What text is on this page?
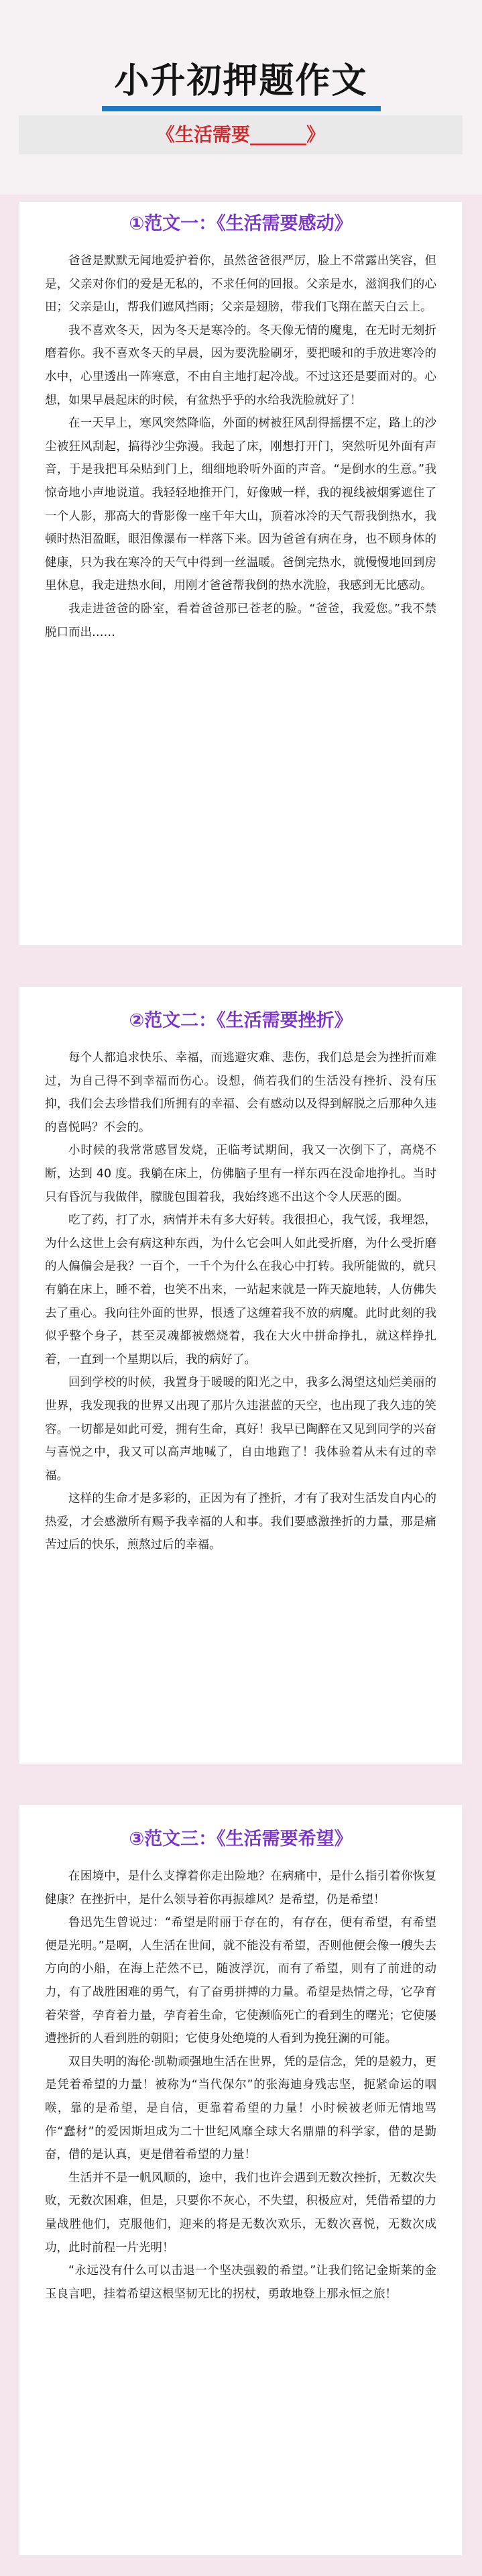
小升初押题作文
《生活需要______》
①范文一：《生活需要感动》

爸爸是默默无闻地爱护着你，虽然爸爸很严厉，脸上不常露出笑容，但是，父亲对你们的爱是无私的，不求任何的回报。父亲是水，滋润我们的心田；父亲是山，帮我们遮风挡雨；父亲是翅膀，带我们飞翔在蓝天白云上。

我不喜欢冬天，因为冬天是寒冷的。冬天像无情的魔鬼，在无时无刻折磨着你。我不喜欢冬天的早晨，因为要洗脸刷牙，要把暖和的手放进寒冷的水中，心里透出一阵寒意，不由自主地打起冷战。不过这还是要面对的。心想，如果早晨起床的时候，有盆热乎乎的水给我洗脸就好了！

在一天早上，寒风突然降临，外面的树被狂风刮得摇摆不定，路上的沙尘被狂风刮起，搞得沙尘弥漫。我起了床，刚想打开门，突然听见外面有声音，于是我把耳朵贴到门上，细细地聆听外面的声音。“是倒水的生意。”我惊奇地小声地说道。我轻轻地推开门，好像贼一样，我的视线被烟雾遮住了一个人影，那高大的背影像一座千年大山，顶着冰冷的天气帮我倒热水，我顿时热泪盈眶，眼泪像瀑布一样落下来。因为爸爸有病在身，也不顾身体的健康，只为我在寒冷的天气中得到一丝温暖。爸倒完热水，就慢慢地回到房里休息，我走进热水间，用刚才爸爸帮我倒的热水洗脸，我感到无比感动。

我走进爸爸的卧室，看着爸爸那已苍老的脸。“爸爸，我爱您。”我不禁脱口而出……

②范文二：《生活需要挫折》

每个人都追求快乐、幸福，而逃避灾难、悲伤，我们总是会为挫折而难过，为自己得不到幸福而伤心。设想，倘若我们的生活没有挫折、没有压抑，我们会去珍惜我们所拥有的幸福、会有感动以及得到解脱之后那种久违的喜悦吗？不会的。

小时候的我常常感冒发烧，正临考试期间，我又一次倒下了，高烧不断，达到 40 度。我躺在床上，仿佛脑子里有一样东西在没命地挣扎。当时只有昏沉与我做伴，朦胧包围着我，我始终逃不出这个令人厌恶的圈。

吃了药，打了水，病情并未有多大好转。我很担心，我气馁，我埋怨，为什么这世上会有病这种东西，为什么它会叫人如此受折磨，为什么受折磨的人偏偏会是我？一百个，一千个为什么在我心中打转。我所能做的，就只有躺在床上，睡不着，也笑不出来，一站起来就是一阵天旋地转，人仿佛失去了重心。我向往外面的世界，恨透了这缠着我不放的病魔。此时此刻的我似乎整个身子，甚至灵魂都被燃烧着，我在大火中拼命挣扎，就这样挣扎着，一直到一个星期以后，我的病好了。

回到学校的时候，我置身于暖暖的阳光之中，我多么渴望这灿烂美丽的世界，我发现我的世界又出现了那片久违湛蓝的天空，也出现了我久违的笑容。一切都是如此可爱，拥有生命，真好！我早已陶醉在又见到同学的兴奋与喜悦之中，我又可以高声地喊了，自由地跑了！我体验着从未有过的幸福。

这样的生命才是多彩的，正因为有了挫折，才有了我对生活发自内心的热爱，才会感激所有赐予我幸福的人和事。我们要感激挫折的力量，那是痛苦过后的快乐，煎熬过后的幸福。

③范文三：《生活需要希望》

在困境中，是什么支撑着你走出险地？在病痛中，是什么指引着你恢复健康？在挫折中，是什么领导着你再振雄风？是希望，仍是希望！

鲁迅先生曾说过：“希望是附丽于存在的，有存在，便有希望，有希望便是光明。”是啊，人生活在世间，就不能没有希望，否则他便会像一艘失去方向的小船，在海上茫然不已，随波浮沉，而有了希望，则有了前进的动力，有了战胜困难的勇气，有了奋勇拼搏的力量。希望是热情之母，它孕育着荣誉，孕育着力量，孕育着生命，它使濒临死亡的看到生的曙光；它使屡遭挫折的人看到胜的朝阳；它使身处绝境的人看到为挽狂澜的可能。

双目失明的海伦·凯勒顽强地生活在世界，凭的是信念，凭的是毅力，更是凭着希望的力量！被称为“当代保尔”的张海迪身残志坚，扼紧命运的咽喉，靠的是希望，是自信，更靠着希望的力量！小时候被老师无情地骂作“蠢材”的爱因斯坦成为二十世纪风靡全球大名鼎鼎的科学家，借的是勤奋，借的是认真，更是借着希望的力量！

生活并不是一帆风顺的，途中，我们也许会遇到无数次挫折，无数次失败，无数次困难，但是，只要你不灰心，不失望，积极应对，凭借希望的力量战胜他们，克服他们，迎来的将是无数次欢乐，无数次喜悦，无数次成功，此时前程一片光明！

“永远没有什么可以击退一个坚决强毅的希望。”让我们铭记金斯莱的金玉良言吧，挂着希望这根坚韧无比的拐杖，勇敢地登上那永恒之旅！
